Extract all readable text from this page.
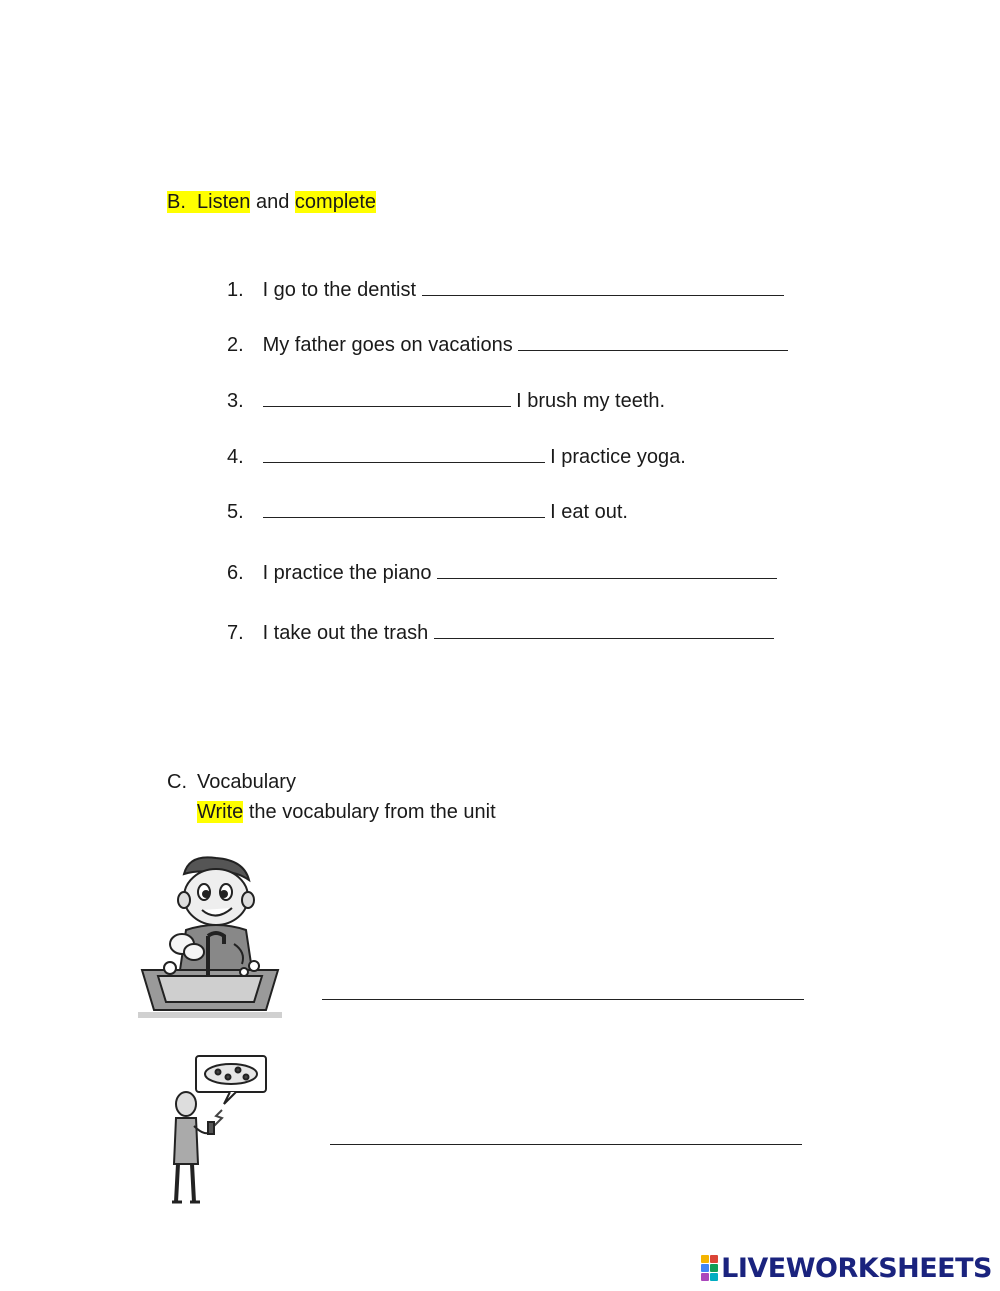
B. Listen and complete
1. I go to the dentist
2. My father goes on vacations
3.	I brush my teeth.
4.	I practice yoga.
5.	I eat out.
6. I practice the piano
7. I take out the trash
C. Vocabulary
Write the vocabulary from the unit
LIVEWORKSHEETS
